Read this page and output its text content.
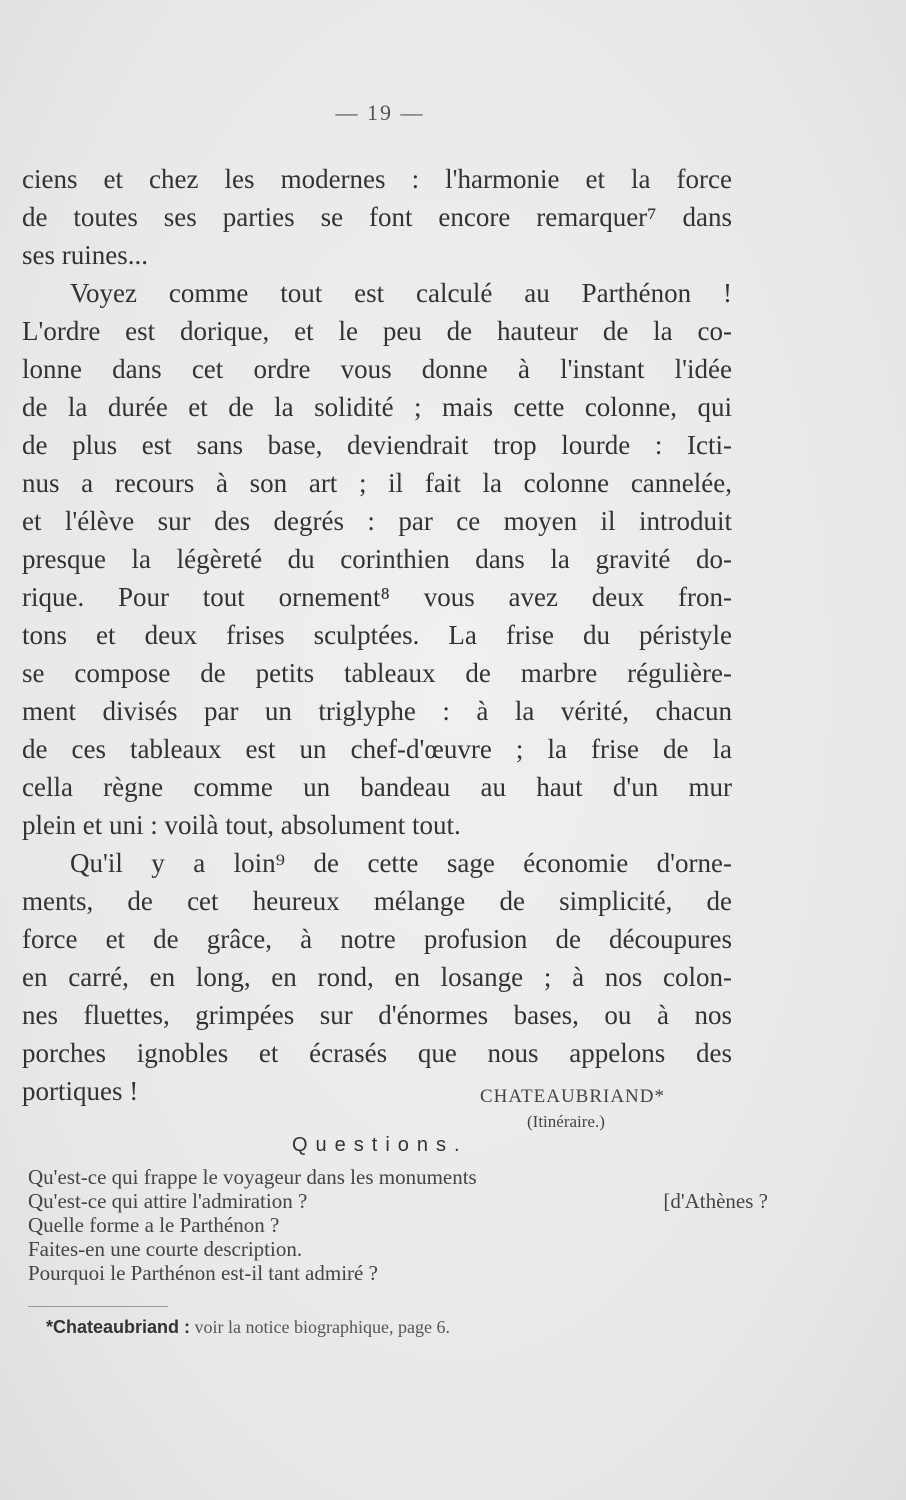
— 19 —
ciens et chez les modernes : l'harmonie et la force
de toutes ses parties se font encore remarquer⁷ dans
ses ruines...
Voyez comme tout est calculé au Parthénon !
L'ordre est dorique, et le peu de hauteur de la co-
lonne dans cet ordre vous donne à l'instant l'idée
de la durée et de la solidité ; mais cette colonne, qui
de plus est sans base, deviendrait trop lourde : Icti-
nus a recours à son art ; il fait la colonne cannelée,
et l'élève sur des degrés : par ce moyen il introduit
presque la légèreté du corinthien dans la gravité do-
rique. Pour tout ornement⁸ vous avez deux fron-
tons et deux frises sculptées. La frise du péristyle
se compose de petits tableaux de marbre régulière-
ment divisés par un triglyphe : à la vérité, chacun
de ces tableaux est un chef-d'œuvre ; la frise de la
cella règne comme un bandeau au haut d'un mur
plein et uni : voilà tout, absolument tout.
Qu'il y a loin⁹ de cette sage économie d'orne-
ments, de cet heureux mélange de simplicité, de
force et de grâce, à notre profusion de découpures
en carré, en long, en rond, en losange ; à nos colon-
nes fluettes, grimpées sur d'énormes bases, ou à nos
porches ignobles et écrasés que nous appelons des
portiques !	CHATEAUBRIAND*
(Itinéraire.)
Questions.
Qu'est-ce qui frappe le voyageur dans les monuments
Qu'est-ce qui attire l'admiration ?	[d'Athènes ?
Quelle forme a le Parthénon ?
Faites-en une courte description.
Pourquoi le Parthénon est-il tant admiré ?
*Chateaubriand : voir la notice biographique, page 6.
